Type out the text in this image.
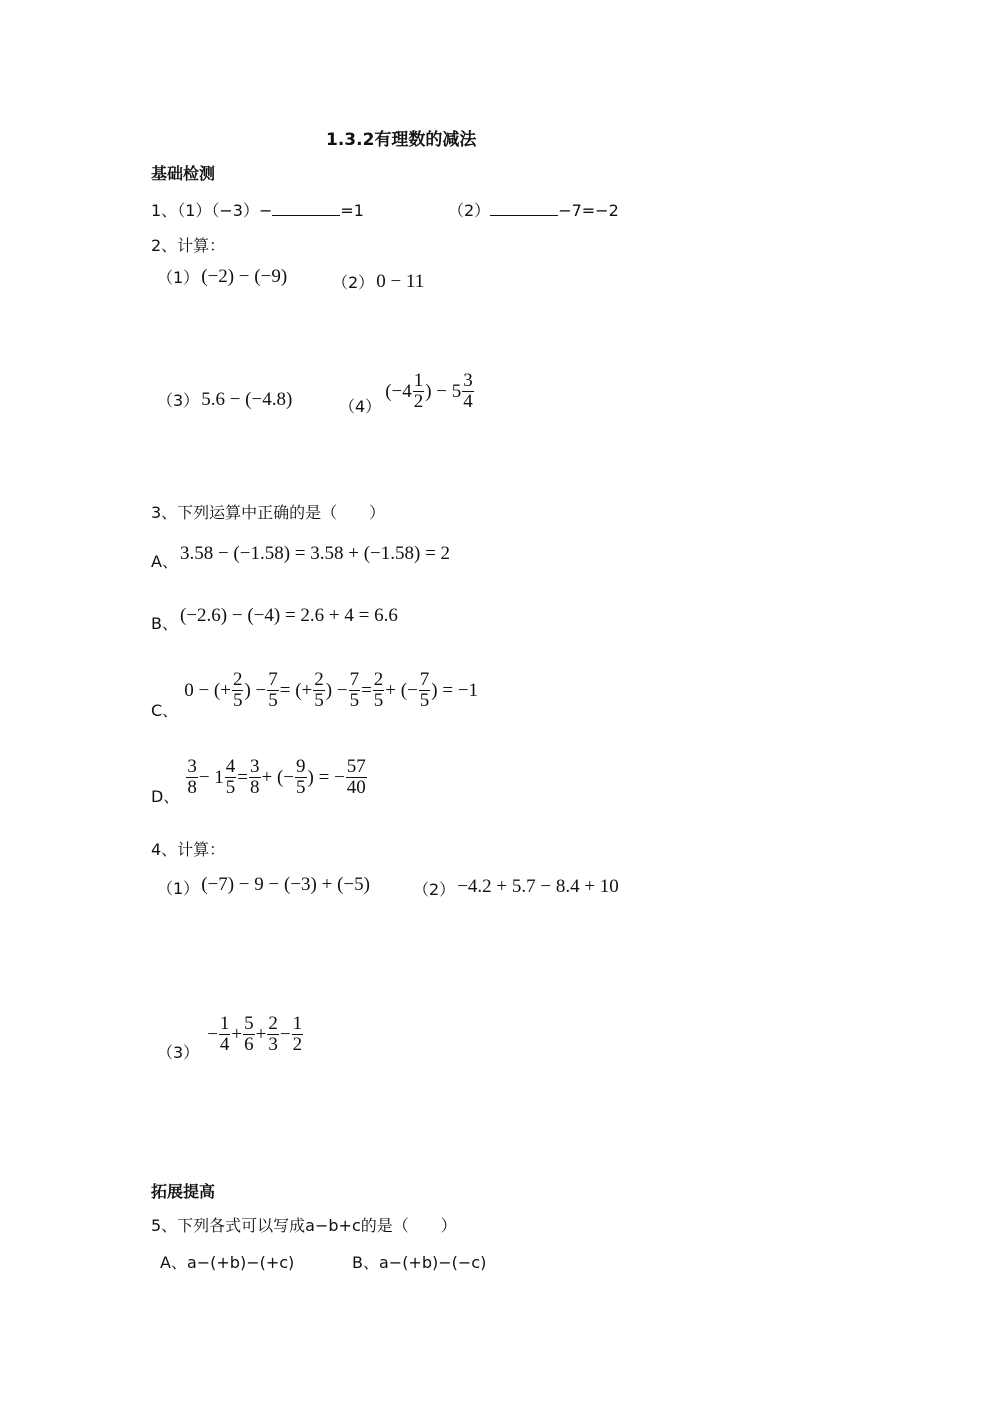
1.3.2有理数的减法
基础检测
1、（1）（−3）−	=1	（2）	−7=−2
2、计算：
（1） (−2) − (−9)	（2） 0 − 11
（3） 5.6 − (−4.8)	（4）
($-4 \frac{1}{2}$ ) − $5 \frac{3}{4}$
3、下列运算中正确的是（　　）
A、 3.58 − (−1.58) = 3.58 + (−1.58) = 2
B、 (−2.6) − (−4) = 2.6 + 4 = 6.6
C、
0 − (+ $\frac{2}{5}$ ) − $\frac{7}{5}$ = (+ $\frac{2}{5}$ ) − $\frac{7}{5} = \frac{2}{5}$ + (− $\frac{7}{5}$ ) = −1
D、 $\frac{3}{8} - 1 \frac{4}{5} = \frac{3}{8}$ + (− $\frac{9}{5}$ ) = − $\frac{57}{40}$
4、计算：
（1） (−7) − 9 − (−3) + (−5)	（2） −4.2 + 5.7 − 8.4 + 10
（3）
− $\frac{1}{4} + \frac{5}{6} + \frac{2}{3} - \frac{1}{2}$
拓展提高
5、下列各式可以写成a−b+c的是（　　）
A、a−(+b)−(+c)	B、a−(+b)−(−c)
